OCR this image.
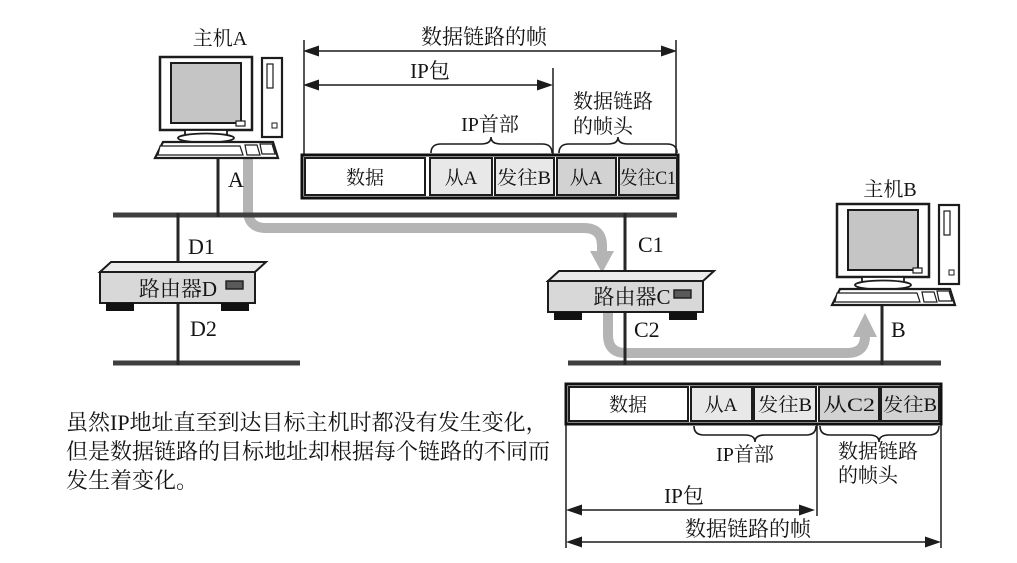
路由器D	路由器C
数据链路的帧
IP包
IP首部
数据链路
的帧头
数据	从A 发往B 从A 发往C1
数据	从A 发往B 从C2 发往B
IP首部	数据链路
的帧头
IP包
数据链路的帧
主机A
主机B
A
B
D1
D2
C1
C2
虽然IP地址直至到达目标主机时都没有发生变化，
但是数据链路的目标地址却根据每个链路的不同而
发生着变化。
